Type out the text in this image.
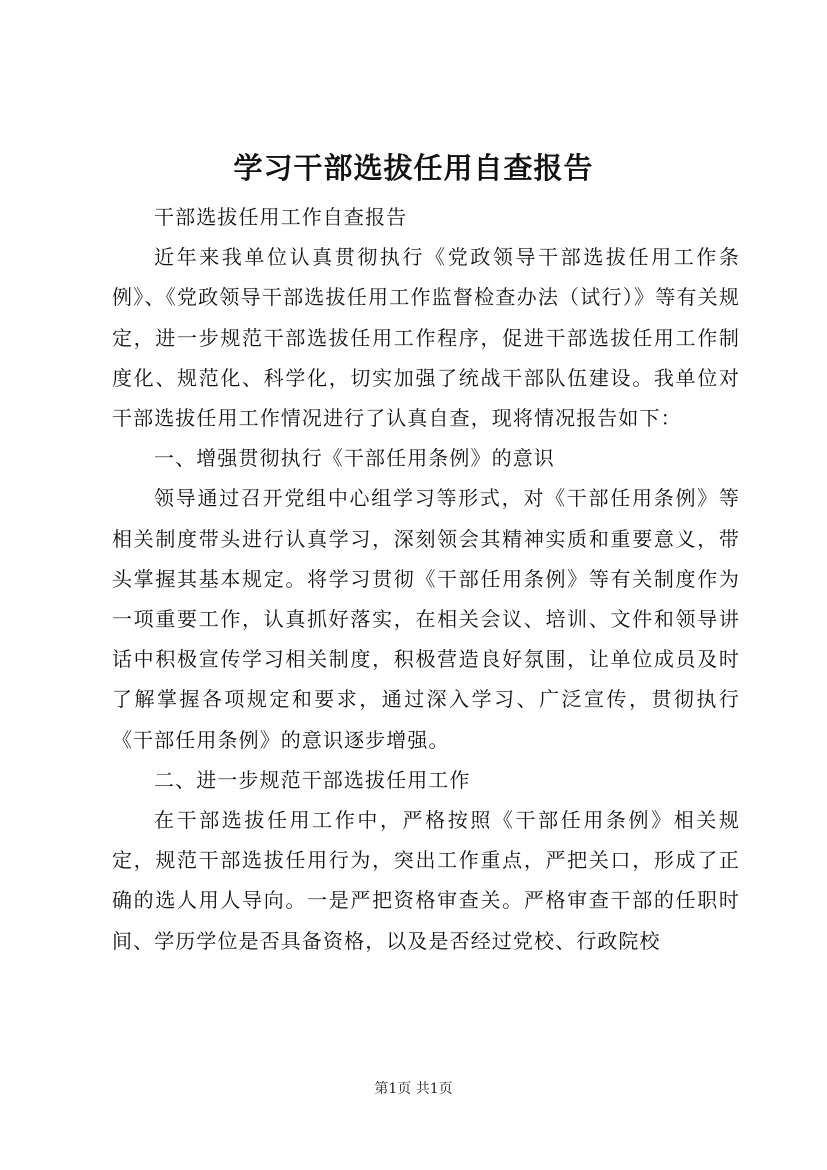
学习干部选拔任用自查报告

干部选拔任用工作自查报告

近年来我单位认真贯彻执行《党政领导干部选拔任用工作条例》、《党政领导干部选拔任用工作监督检查办法（试行）》等有关规定，进一步规范干部选拔任用工作程序，促进干部选拔任用工作制度化、规范化、科学化，切实加强了统战干部队伍建设。我单位对干部选拔任用工作情况进行了认真自查，现将情况报告如下：

一、增强贯彻执行《干部任用条例》的意识

领导通过召开党组中心组学习等形式，对《干部任用条例》等相关制度带头进行认真学习，深刻领会其精神实质和重要意义，带头掌握其基本规定。将学习贯彻《干部任用条例》等有关制度作为一项重要工作，认真抓好落实，在相关会议、培训、文件和领导讲话中积极宣传学习相关制度，积极营造良好氛围，让单位成员及时了解掌握各项规定和要求，通过深入学习、广泛宣传，贯彻执行《干部任用条例》的意识逐步增强。

二、进一步规范干部选拔任用工作

在干部选拔任用工作中，严格按照《干部任用条例》相关规定，规范干部选拔任用行为，突出工作重点，严把关口，形成了正确的选人用人导向。一是严把资格审查关。严格审查干部的任职时间、学历学位是否具备资格，以及是否经过党校、行政院校

第1页 共1页
